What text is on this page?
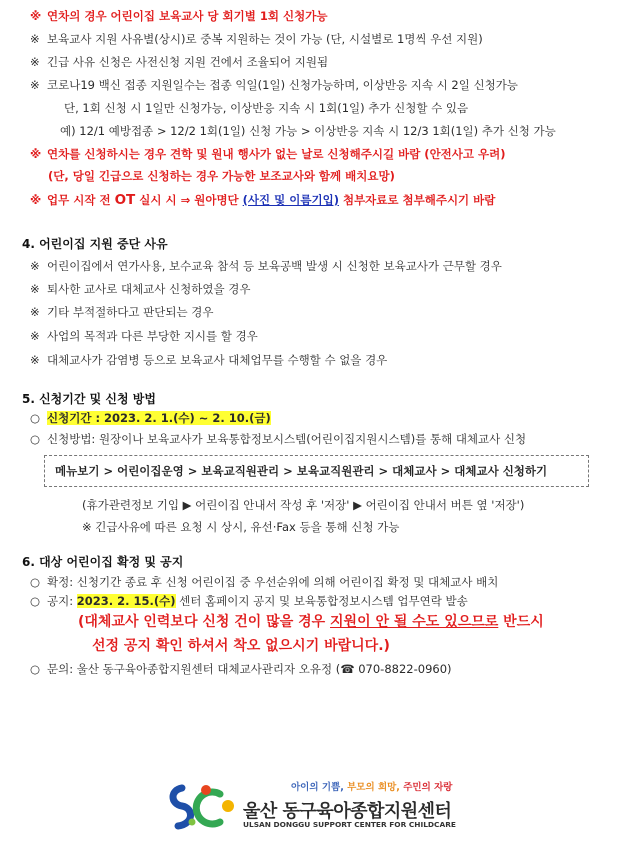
※ 연차의 경우 어린이집 보육교사 당 회기별 1회 신청가능
※ 보육교사 지원 사유별(상시)로 중복 지원하는 것이 가능 (단, 시설별로 1명씩 우선 지원)
※ 긴급 사유 신청은 사전신청 지원 건에서 조율되어 지원됨
※ 코로나19 백신 접종 지원일수는 접종 익일(1일) 신청가능하며, 이상반응 지속 시 2일 신청가능
단, 1회 신청 시 1일만 신청가능, 이상반응 지속 시 1회(1일) 추가 신청할 수 있음
예) 12/1 예방접종 > 12/2 1회(1일) 신청 가능 > 이상반응 지속 시 12/3 1회(1일) 추가 신청 가능
※ 연차를 신청하시는 경우 견학 및 원내 행사가 없는 날로 신청해주시길 바람 (안전사고 우려)
(단, 당일 긴급으로 신청하는 경우 가능한 보조교사와 함께 배치요망)
※ 업무 시작 전 OT 실시 시 ⇒ 원아명단 (사진 및 이름기입) 첨부자료로 첨부해주시기 바람
4. 어린이집 지원 중단 사유
※ 어린이집에서 연가사용, 보수교육 참석 등 보육공백 발생 시 신청한 보육교사가 근무할 경우
※ 퇴사한 교사로 대체교사 신청하였을 경우
※ 기타 부적절하다고 판단되는 경우
※ 사업의 목적과 다른 부당한 지시를 할 경우
※ 대체교사가 감염병 등으로 보육교사 대체업무를 수행할 수 없을 경우
5. 신청기간 및 신청 방법
○ 신청기간 : 2023. 2. 1.(수) ~ 2. 10.(금)
○ 신청방법: 원장이나 보육교사가 보육통합정보시스템(어린이집지원시스템)를 통해 대체교사 신청
메뉴보기 > 어린이집운영 > 보육교직원관리 > 보육교직원관리 > 대체교사 > 대체교사 신청하기
(휴가관련정보 기입 ▶ 어린이집 안내서 작성 후 '저장' ▶ 어린이집 안내서 버튼 옆 '저장')
※ 긴급사유에 따른 요청 시 상시, 유선·Fax 등을 통해 신청 가능
6. 대상 어린이집 확정 및 공지
○ 확정: 신청기간 종료 후 신청 어린이집 중 우선순위에 의해 어린이집 확정 및 대체교사 배치
○ 공지: 2023. 2. 15.(수) 센터 홈페이지 공지 및 보육통합정보시스템 업무연락 발송
(대체교사 인력보다 신청 건이 많을 경우 지원이 안 될 수도 있으므로 반드시
선정 공지 확인 하셔서 착오 없으시기 바랍니다.)
○ 문의: 울산 동구육아종합지원센터 대체교사관리자 오유정 (☎ 070-8822-0960)
아이의 기쁨, 부모의 희망, 주민의 자랑
울산 동구육아종합지원센터
ULSAN DONGGU SUPPORT CENTER FOR CHILDCARE
